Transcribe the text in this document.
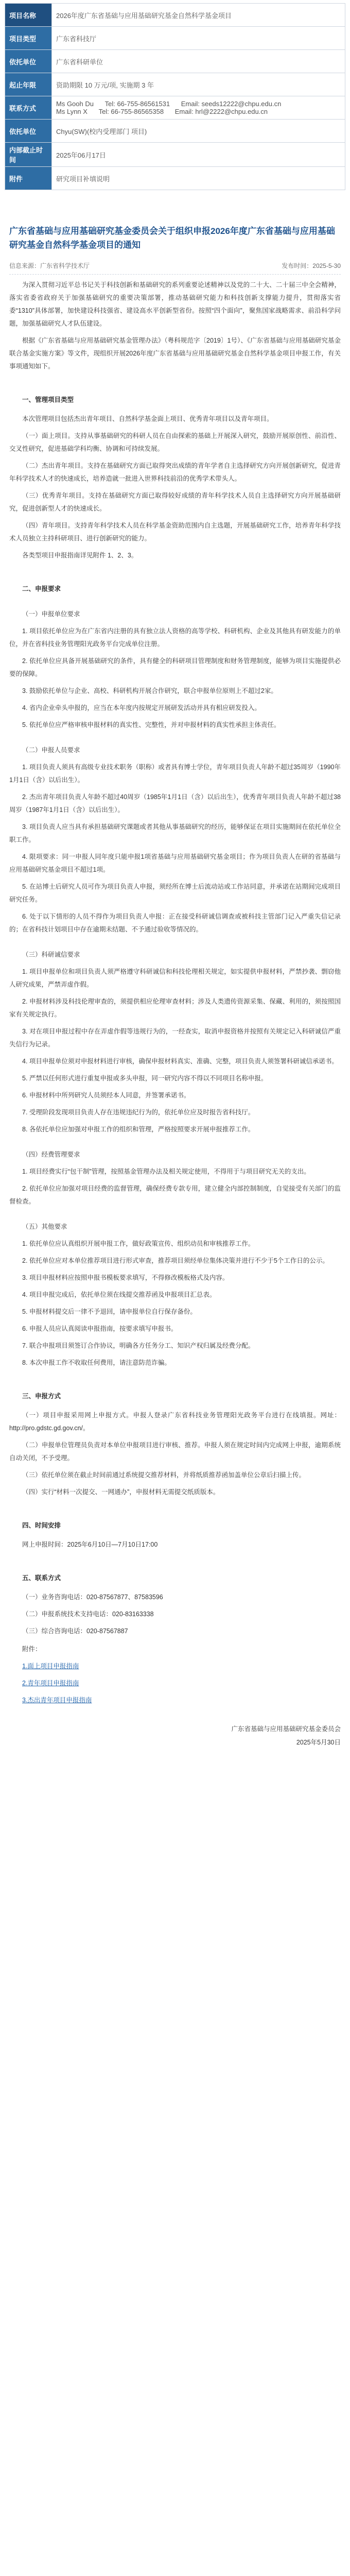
项目名称	2026年度广东省基础与应用基础研究基金自然科学基金项目
项目类型	广东省科技厅
依托单位	广东省科研单位
起止年限	资助期限 10 万元/项, 实施期 3 年
联系方式	Ms Gooh Du Tel: 66-755-86561531 Email: seeds12222@chpu.edu.cn
Ms Lynn X Tel: 66-755-86565358 Email: hrl@2222@chpu.edu.cn

依托单位	Chyu(SW)(校内受理部门 项目)
内部截止时间	2025年06月17日
附件	研究项目补填说明
广东省基础与应用基础研究基金委员会关于组织申报2026年度广东省基础与应用基础研究基金自然科学基金项目的通知
信息来源：广东省科学技术厅	发布时间：2025-5-30

为深入贯彻习近平总书记关于科技创新和基础研究的系列重要论述精神以及党的二十大、二十届三中全会精神，落实省委省政府关于加强基础研究的重要决策部署，推动基础研究能力和科技创新支撑能力提升，贯彻落实省委“1310”具体部署，加快建设科技强省、建设高水平创新型省份。按照“四个面向”，聚焦国家战略需求、前沿科学问题，加强基础研究人才队伍建设。

根据《广东省基础与应用基础研究基金管理办法》（粤科规范字〔2019〕1号）、《广东省基础与应用基础研究基金联合基金实施方案》等文件，现组织开展2026年度广东省基础与应用基础研究基金自然科学基金项目申报工作，有关事项通知如下。

一、管理项目类型

本次管理项目包括杰出青年项目、自然科学基金面上项目、优秀青年项目以及青年项目。

（一）面上项目。支持从事基础研究的科研人员在自由探索的基础上开展深入研究，鼓励开展原创性、前沿性、交叉性研究，促进基础学科均衡、协调和可持续发展。

（二）杰出青年项目。支持在基础研究方面已取得突出成绩的青年学者自主选择研究方向开展创新研究，促进青年科学技术人才的快速成长，培养造就一批进入世界科技前沿的优秀学术带头人。

（三）优秀青年项目。支持在基础研究方面已取得较好成绩的青年科学技术人员自主选择研究方向开展基础研究，促进创新型人才的快速成长。

（四）青年项目。支持青年科学技术人员在科学基金资助范围内自主选题，开展基础研究工作，培养青年科学技术人员独立主持科研项目、进行创新研究的能力。

各类型项目申报指南详见附件 1、2、3。

二、申报要求
（一）申报单位要求

1. 项目依托单位应为在广东省内注册的具有独立法人资格的高等学校、科研机构、企业及其他具有研发能力的单位，并在省科技业务管理阳光政务平台完成单位注册。

2. 依托单位应具备开展基础研究的条件，具有健全的科研项目管理制度和财务管理制度，能够为项目实施提供必要的保障。

3. 鼓励依托单位与企业、高校、科研机构开展合作研究，联合申报单位原则上不超过2家。

4. 省内企业牵头申报的，应当在本年度内按规定开展研发活动并具有相应研发投入。

5. 依托单位应严格审核申报材料的真实性、完整性，并对申报材料的真实性承担主体责任。

（二）申报人员要求

1. 项目负责人须具有高级专业技术职务（职称）或者具有博士学位，青年项目负责人年龄不超过35周岁（1990年1月1日（含）以后出生）。

2. 杰出青年项目负责人年龄不超过40周岁（1985年1月1日（含）以后出生），优秀青年项目负责人年龄不超过38周岁（1987年1月1日（含）以后出生）。

3. 项目负责人应当具有承担基础研究课题或者其他从事基础研究的经历，能够保证在项目实施期间在依托单位全职工作。

4. 限项要求：同一申报人同年度只能申报1项省基础与应用基础研究基金项目；作为项目负责人在研的省基础与应用基础研究基金项目不超过1项。

5. 在站博士后研究人员可作为项目负责人申报，须经所在博士后流动站或工作站同意，并承诺在站期间完成项目研究任务。

6. 处于以下情形的人员不得作为项目负责人申报：正在接受科研诚信调查或被科技主管部门记入严重失信记录的；在省科技计划项目中存在逾期未结题、不予通过验收等情况的。

（三）科研诚信要求

1. 项目申报单位和项目负责人须严格遵守科研诚信和科技伦理相关规定，如实提供申报材料，严禁抄袭、剽窃他人研究成果，严禁弄虚作假。

2. 申报材料涉及科技伦理审查的，须提供相应伦理审查材料；涉及人类遗传资源采集、保藏、利用的，须按照国家有关规定执行。

3. 对在项目申报过程中存在弄虚作假等违规行为的，一经查实，取消申报资格并按照有关规定记入科研诚信严重失信行为记录。

4. 项目申报单位须对申报材料进行审核，确保申报材料真实、准确、完整，项目负责人须签署科研诚信承诺书。

5. 严禁以任何形式进行重复申报或多头申报，同一研究内容不得以不同项目名称申报。

6. 申报材料中所列研究人员须经本人同意，并签署承诺书。

7. 受理阶段发现项目负责人存在违规违纪行为的，依托单位应及时报告省科技厅。

8. 各依托单位应加强对申报工作的组织和管理，严格按照要求开展申报推荐工作。

（四）经费管理要求

1. 项目经费实行“包干制”管理，按照基金管理办法及相关规定使用，不得用于与项目研究无关的支出。

2. 依托单位应加强对项目经费的监督管理，确保经费专款专用，建立健全内部控制制度，自觉接受有关部门的监督检查。

（五）其他要求

1. 依托单位应认真组织开展申报工作，做好政策宣传、组织动员和审核推荐工作。

2. 依托单位应对本单位推荐项目进行形式审查，推荐项目须经单位集体决策并进行不少于5个工作日的公示。

3. 项目申报材料应按照申报书模板要求填写，不得修改模板格式及内容。

4. 项目申报完成后，依托单位须在线提交推荐函及申报项目汇总表。

5. 申报材料提交后一律不予退回，请申报单位自行保存备份。

6. 申报人员应认真阅读申报指南，按要求填写申报书。

7. 联合申报项目须签订合作协议，明确各方任务分工、知识产权归属及经费分配。

8. 本次申报工作不收取任何费用，请注意防范诈骗。

三、申报方式

（一）项目申报采用网上申报方式。申报人登录广东省科技业务管理阳光政务平台进行在线填报。网址：http://pro.gdstc.gd.gov.cn/。

（二）申报单位管理员负责对本单位申报项目进行审核、推荐。申报人须在规定时间内完成网上申报，逾期系统自动关闭，不予受理。

（三）依托单位须在截止时间前通过系统提交推荐材料，并将纸质推荐函加盖单位公章后扫描上传。

（四）实行“材料一次提交、一网通办”，申报材料无需提交纸质版本。

四、时间安排

网上申报时间：2025年6月10日—7月10日17:00

五、联系方式

（一）业务咨询电话：020-87567877、87583596

（二）申报系统技术支持电话：020-83163338

（三）综合咨询电话：020-87567887

附件：

1.面上项目申报指南
2.青年项目申报指南
3.杰出青年项目申报指南
广东省基础与应用基础研究基金委员会
2025年5月30日
